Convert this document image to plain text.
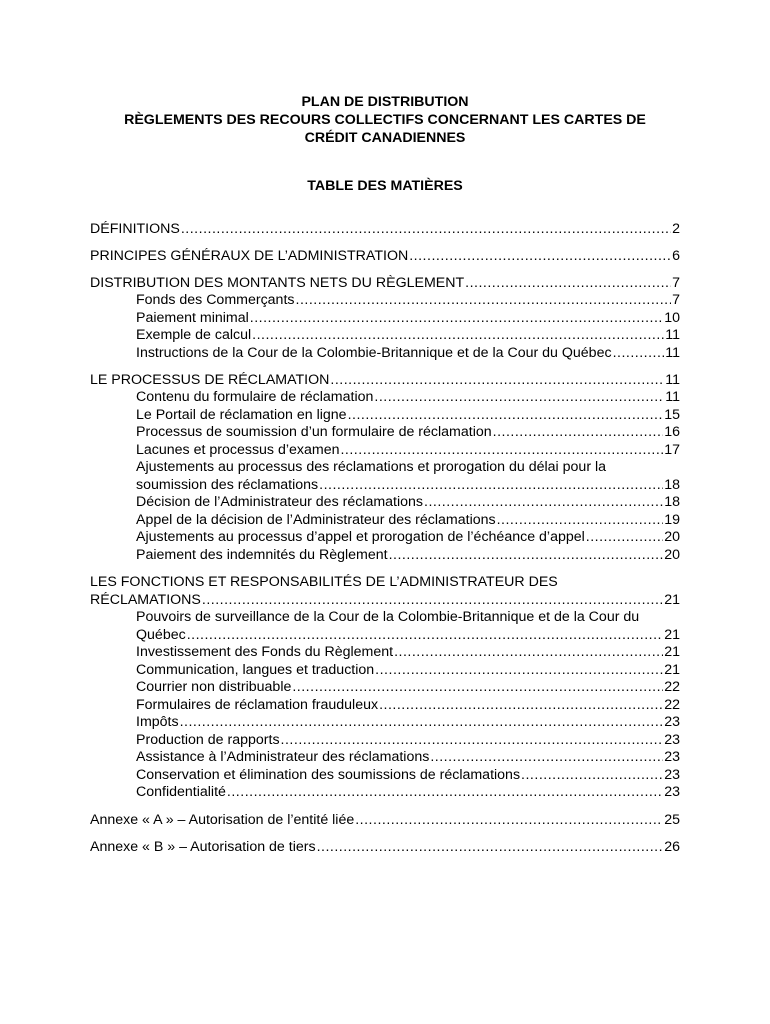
PLAN DE DISTRIBUTION
RÈGLEMENTS DES RECOURS COLLECTIFS CONCERNANT LES CARTES DE
CRÉDIT CANADIENNES
TABLE DES MATIÈRES
DÉFINITIONS .....	2
PRINCIPES GÉNÉRAUX DE L’ADMINISTRATION .....	6
DISTRIBUTION DES MONTANTS NETS DU RÈGLEMENT .....	7
Fonds des Commerçants .....	7
Paiement minimal .....	10
Exemple de calcul .....	11
Instructions de la Cour de la Colombie-Britannique et de la Cour du Québec .....	11
LE PROCESSUS DE RÉCLAMATION .....	11
Contenu du formulaire de réclamation .....	11
Le Portail de réclamation en ligne .....	15
Processus de soumission d’un formulaire de réclamation .....	16
Lacunes et processus d’examen .....	17
Ajustements au processus des réclamations et prorogation du délai pour la
soumission des réclamations .....	18
Décision de l’Administrateur des réclamations .....	18
Appel de la décision de l’Administrateur des réclamations .....	19
Ajustements au processus d’appel et prorogation de l’échéance d’appel .....	20
Paiement des indemnités du Règlement .....	20
LES FONCTIONS ET RESPONSABILITÉS DE L’ADMINISTRATEUR DES
RÉCLAMATIONS .....	21
Pouvoirs de surveillance de la Cour de la Colombie-Britannique et de la Cour du
Québec .....	21
Investissement des Fonds du Règlement .....	21
Communication, langues et traduction .....	21
Courrier non distribuable .....	22
Formulaires de réclamation frauduleux .....	22
Impôts .....	23
Production de rapports .....	23
Assistance à l’Administrateur des réclamations .....	23
Conservation et élimination des soumissions de réclamations .....	23
Confidentialité .....	23
Annexe « A » – Autorisation de l’entité liée .....	25
Annexe « B » – Autorisation de tiers .....	26
